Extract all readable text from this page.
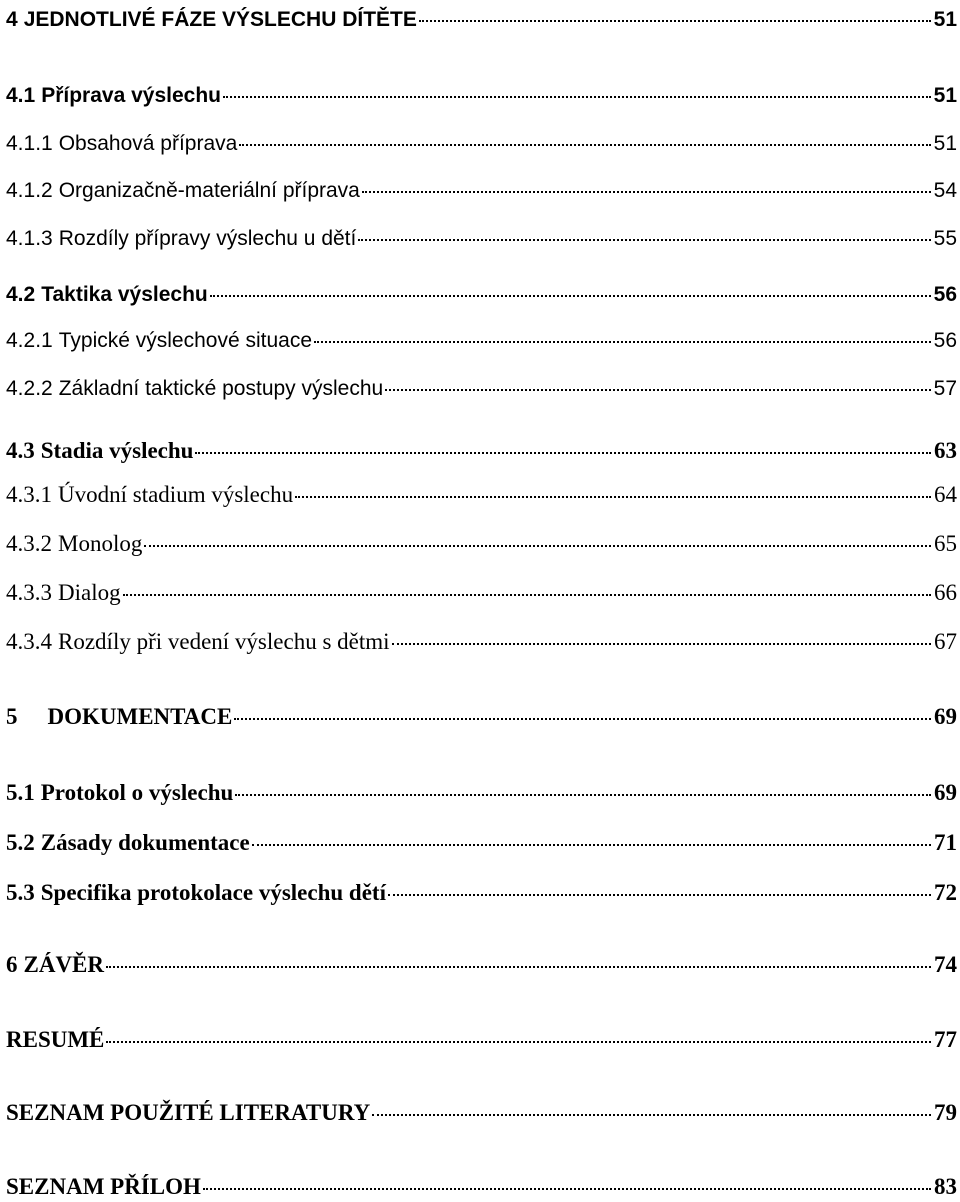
4 JEDNOTLIVÉ FÁZE VÝSLECHU DÍTĚTE	51
4.1 Příprava výslechu	51
4.1.1 Obsahová příprava	51
4.1.2 Organizačně-materiální příprava	54
4.1.3 Rozdíly přípravy výslechu u dětí	55
4.2 Taktika výslechu	56
4.2.1 Typické výslechové situace	56
4.2.2 Základní taktické postupy výslechu	57
4.3 Stadia výslechu	63
4.3.1 Úvodní stadium výslechu	64
4.3.2 Monolog	65
4.3.3 Dialog	66
4.3.4 Rozdíly při vedení výslechu s dětmi	67
5 DOKUMENTACE	69
5.1 Protokol o výslechu	69
5.2 Zásady dokumentace	71
5.3 Specifika protokolace výslechu dětí	72
6 ZÁVĚR	74
RESUMÉ	77
SEZNAM POUŽITÉ LITERATURY	79
SEZNAM PŘÍLOH	83
